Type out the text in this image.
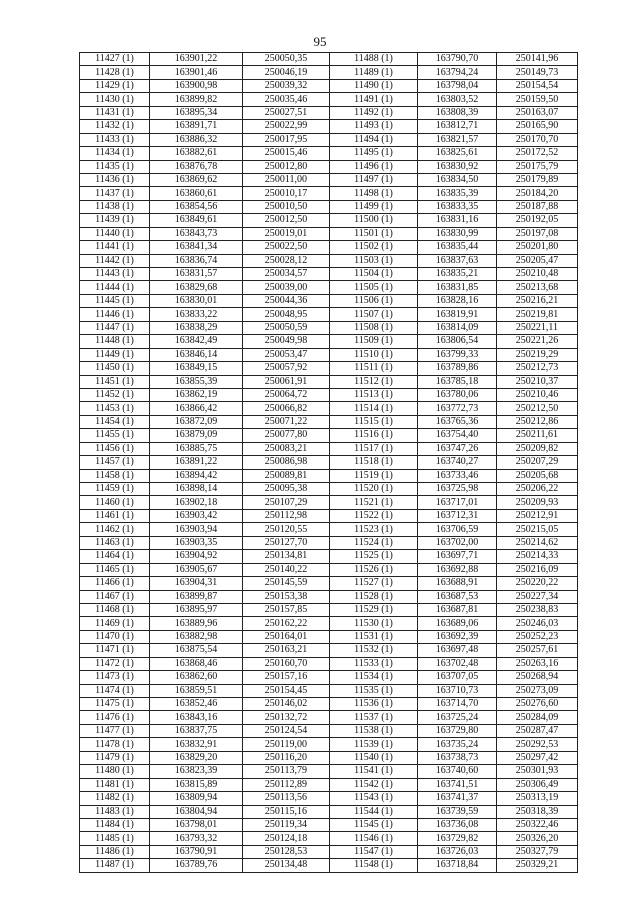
95
11427 (1)	163901,22	250050,35	11488 (1)	163790,70	250141,96
11428 (1)	163901,46	250046,19	11489 (1)	163794,24	250149,73
11429 (1)	163900,98	250039,32	11490 (1)	163798,04	250154,54
11430 (1)	163899,82	250035,46	11491 (1)	163803,52	250159,50
11431 (1)	163895,34	250027,51	11492 (1)	163808,39	250163,07
11432 (1)	163891,71	250022,99	11493 (1)	163812,71	250165,90
11433 (1)	163886,32	250017,95	11494 (1)	163821,57	250170,70
11434 (1)	163882,61	250015,46	11495 (1)	163825,61	250172,52
11435 (1)	163876,78	250012,80	11496 (1)	163830,92	250175,79
11436 (1)	163869,62	250011,00	11497 (1)	163834,50	250179,89
11437 (1)	163860,61	250010,17	11498 (1)	163835,39	250184,20
11438 (1)	163854,56	250010,50	11499 (1)	163833,35	250187,88
11439 (1)	163849,61	250012,50	11500 (1)	163831,16	250192,05
11440 (1)	163843,73	250019,01	11501 (1)	163830,99	250197,08
11441 (1)	163841,34	250022,50	11502 (1)	163835,44	250201,80
11442 (1)	163836,74	250028,12	11503 (1)	163837,63	250205,47
11443 (1)	163831,57	250034,57	11504 (1)	163835,21	250210,48
11444 (1)	163829,68	250039,00	11505 (1)	163831,85	250213,68
11445 (1)	163830,01	250044,36	11506 (1)	163828,16	250216,21
11446 (1)	163833,22	250048,95	11507 (1)	163819,91	250219,81
11447 (1)	163838,29	250050,59	11508 (1)	163814,09	250221,11
11448 (1)	163842,49	250049,98	11509 (1)	163806,54	250221,26
11449 (1)	163846,14	250053,47	11510 (1)	163799,33	250219,29
11450 (1)	163849,15	250057,92	11511 (1)	163789,86	250212,73
11451 (1)	163855,39	250061,91	11512 (1)	163785,18	250210,37
11452 (1)	163862,19	250064,72	11513 (1)	163780,06	250210,46
11453 (1)	163866,42	250066,82	11514 (1)	163772,73	250212,50
11454 (1)	163872,09	250071,22	11515 (1)	163765,36	250212,86
11455 (1)	163879,09	250077,80	11516 (1)	163754,40	250211,61
11456 (1)	163885,75	250083,21	11517 (1)	163747,26	250209,82
11457 (1)	163891,22	250086,98	11518 (1)	163740,27	250207,29
11458 (1)	163894,42	250089,81	11519 (1)	163733,46	250205,68
11459 (1)	163898,14	250095,38	11520 (1)	163725,98	250206,22
11460 (1)	163902,18	250107,29	11521 (1)	163717,01	250209,93
11461 (1)	163903,42	250112,98	11522 (1)	163712,31	250212,91
11462 (1)	163903,94	250120,55	11523 (1)	163706,59	250215,05
11463 (1)	163903,35	250127,70	11524 (1)	163702,00	250214,62
11464 (1)	163904,92	250134,81	11525 (1)	163697,71	250214,33
11465 (1)	163905,67	250140,22	11526 (1)	163692,88	250216,09
11466 (1)	163904,31	250145,59	11527 (1)	163688,91	250220,22
11467 (1)	163899,87	250153,38	11528 (1)	163687,53	250227,34
11468 (1)	163895,97	250157,85	11529 (1)	163687,81	250238,83
11469 (1)	163889,96	250162,22	11530 (1)	163689,06	250246,03
11470 (1)	163882,98	250164,01	11531 (1)	163692,39	250252,23
11471 (1)	163875,54	250163,21	11532 (1)	163697,48	250257,61
11472 (1)	163868,46	250160,70	11533 (1)	163702,48	250263,16
11473 (1)	163862,60	250157,16	11534 (1)	163707,05	250268,94
11474 (1)	163859,51	250154,45	11535 (1)	163710,73	250273,09
11475 (1)	163852,46	250146,02	11536 (1)	163714,70	250276,60
11476 (1)	163843,16	250132,72	11537 (1)	163725,24	250284,09
11477 (1)	163837,75	250124,54	11538 (1)	163729,80	250287,47
11478 (1)	163832,91	250119,00	11539 (1)	163735,24	250292,53
11479 (1)	163829,20	250116,20	11540 (1)	163738,73	250297,42
11480 (1)	163823,39	250113,79	11541 (1)	163740,60	250301,93
11481 (1)	163815,89	250112,89	11542 (1)	163741,51	250306,49
11482 (1)	163809,94	250113,56	11543 (1)	163741,37	250313,19
11483 (1)	163804,94	250115,16	11544 (1)	163739,59	250318,39
11484 (1)	163798,01	250119,34	11545 (1)	163736,08	250322,46
11485 (1)	163793,32	250124,18	11546 (1)	163729,82	250326,20
11486 (1)	163790,91	250128,53	11547 (1)	163726,03	250327,79
11487 (1)	163789,76	250134,48	11548 (1)	163718,84	250329,21
